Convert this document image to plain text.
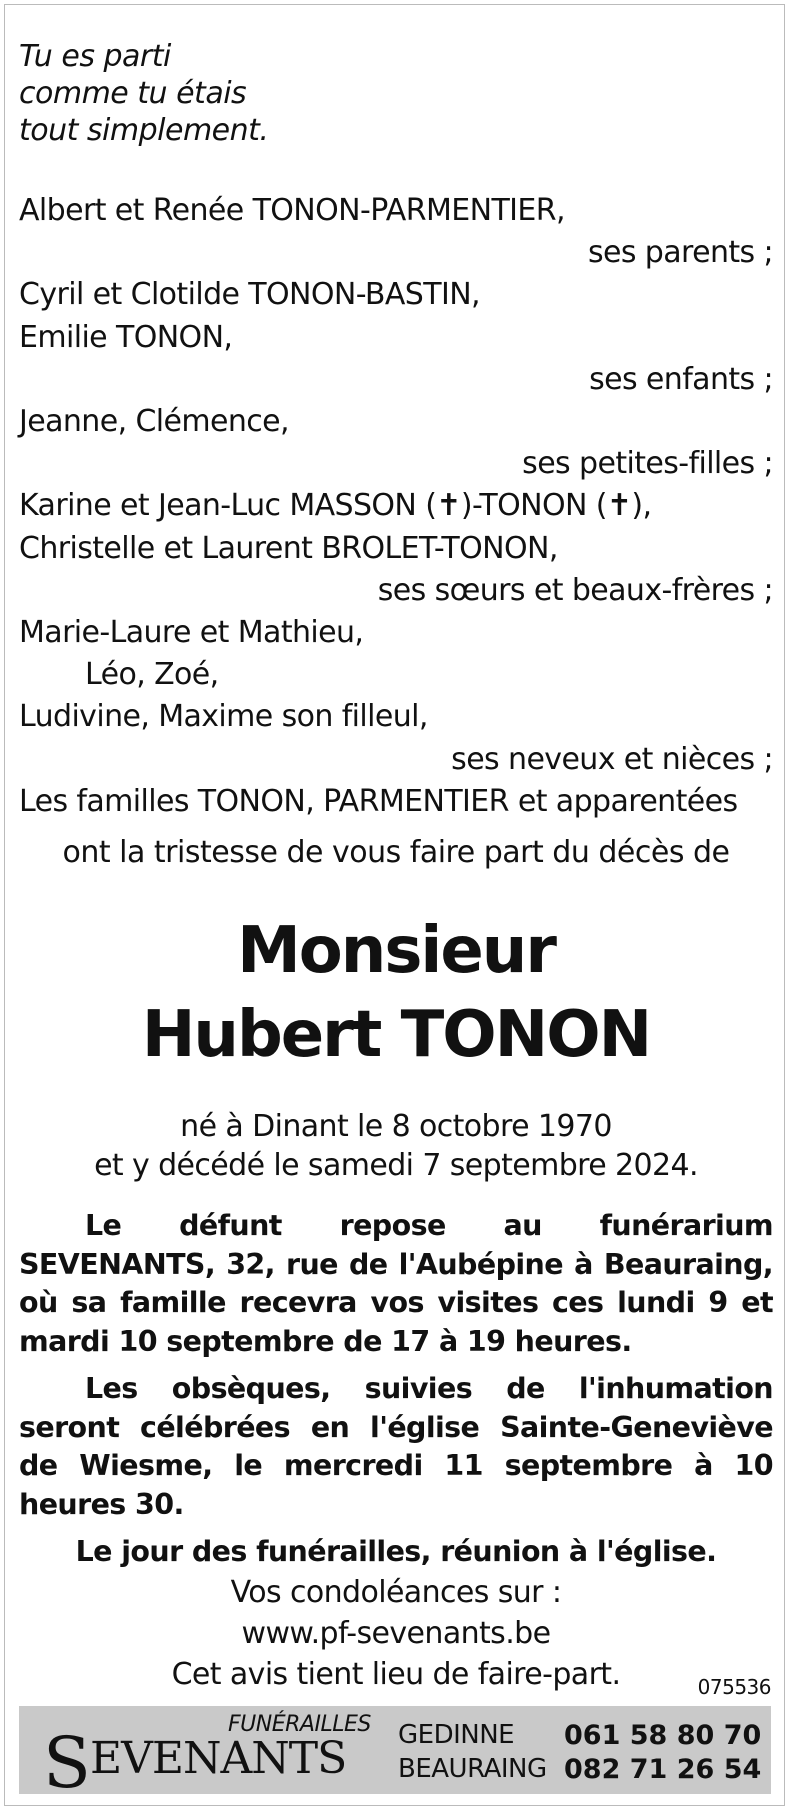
Tu es parti
comme tu étais
tout simplement.
Albert et Renée TONON-PARMENTIER,
ses parents ;
Cyril et Clotilde TONON-BASTIN,
Emilie TONON,
ses enfants ;
Jeanne, Clémence,
ses petites-filles ;
Karine et Jean-Luc MASSON (✝)-TONON (✝),
Christelle et Laurent BROLET-TONON,
ses sœurs et beaux-frères ;
Marie-Laure et Mathieu,
Léo, Zoé,
Ludivine, Maxime son filleul,
ses neveux et nièces ;
Les familles TONON, PARMENTIER et apparentées
ont la tristesse de vous faire part du décès de
Monsieur
Hubert TONON
né à Dinant le 8 octobre 1970
et y décédé le samedi 7 septembre 2024.
Le défunt repose au funérarium SEVENANTS, 32, rue de l'Aubépine à Beauraing, où sa famille recevra vos visites ces lundi 9 et mardi 10 septembre de 17 à 19 heures.
Les obsèques, suivies de l'inhumation seront célébrées en l'église Sainte-Geneviève de Wiesme, le mercredi 11 septembre à 10 heures 30.
Le jour des funérailles, réunion à l'église.
Vos condoléances sur :
www.pf-sevenants.be
Cet avis tient lieu de faire-part.	075536
SEVENANTS
FUNÉRAILLES GEDINNE 061 58 80 70
BEAURAING 082 71 26 54
